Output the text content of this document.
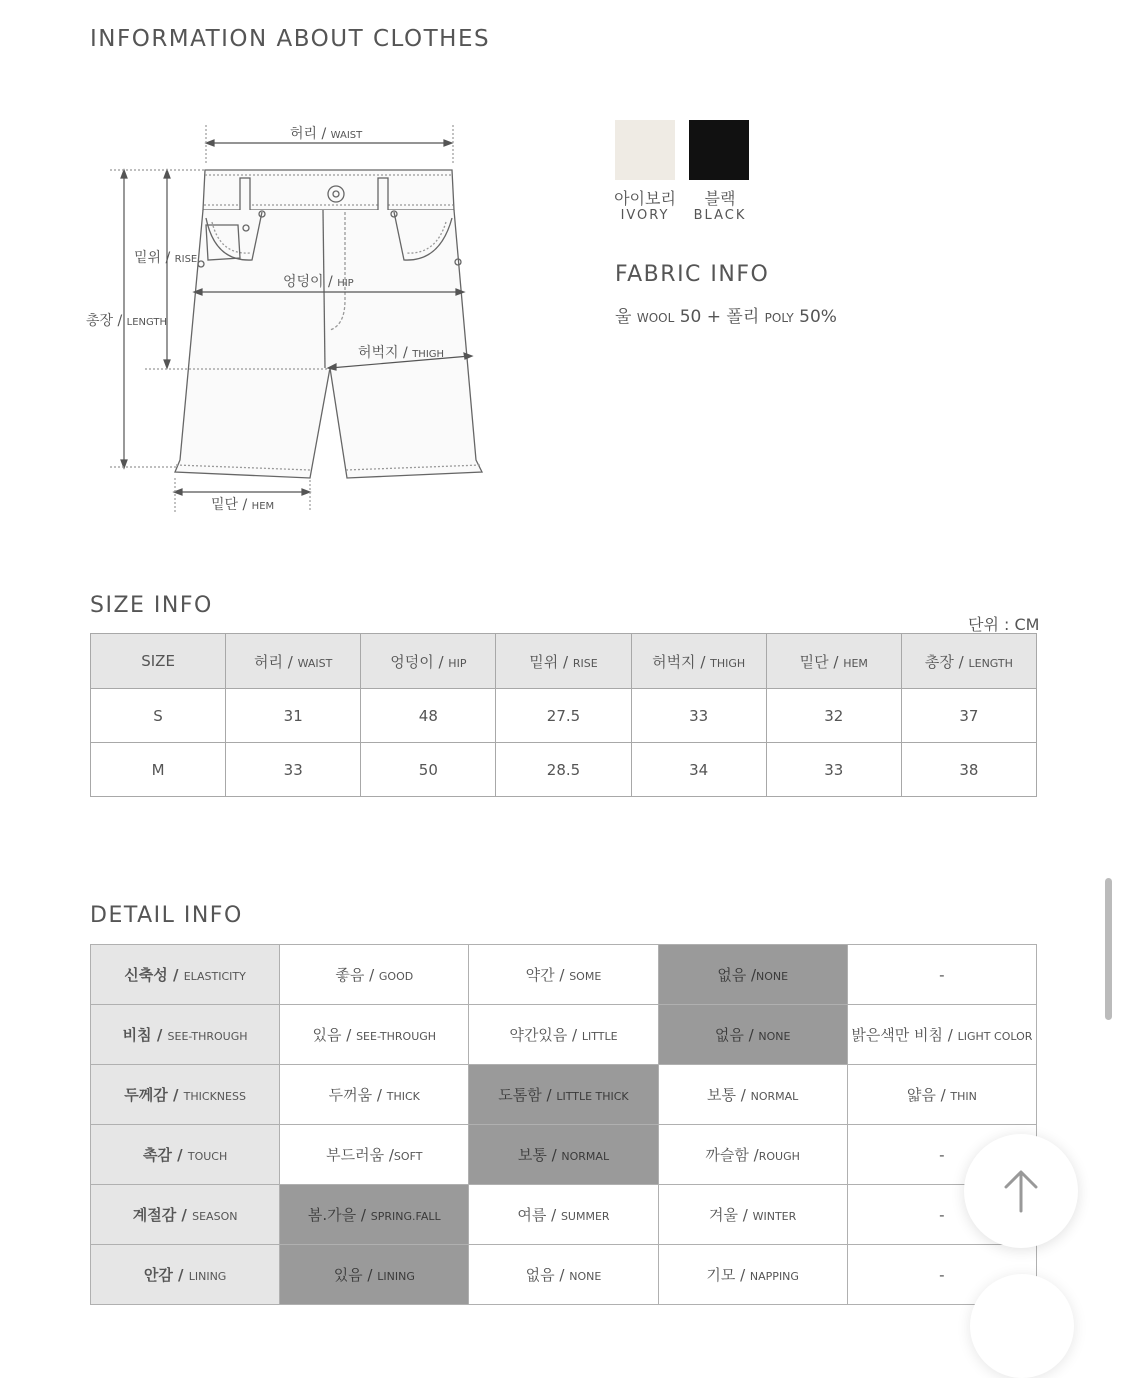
INFORMATION ABOUT CLOTHES
허리 / WAIST
밑위 / RISE
엉덩이 / HIP
총장 / LENGTH
허벅지 / THIGH
밑단 / HEM
아이보리
IVORY
블랙
BLACK
FABRIC INFO
울 WOOL 50 + 폴리 POLY 50%
SIZE INFO
단위 : CM
SIZE	허리 / WAIST	엉덩이 / HIP	밑위 / RISE	허벅지 / THIGH	밑단 / HEM	총장 / LENGTH
S	31	48	27.5	33	32	37
M	33	50	28.5	34	33	38
DETAIL INFO
신축성 / ELASTICITY	좋음 / GOOD	약간 / SOME	없음 /NONE	-
비침 / SEE-THROUGH	있음 / SEE-THROUGH	약간있음 / LITTLE	없음 / NONE	밝은색만 비침 / LIGHT COLOR
두께감 / THICKNESS	두꺼움 / THICK	도톰함 / LITTLE THICK	보통 / NORMAL	얇음 / THIN
촉감 / TOUCH	부드러움 /SOFT	보통 / NORMAL	까슬함 /ROUGH	-
계절감 / SEASON	봄.가을 / SPRING.FALL	여름 / SUMMER	겨울 / WINTER	-
안감 / LINING	있음 / LINING	없음 / NONE	기모 / NAPPING	-
